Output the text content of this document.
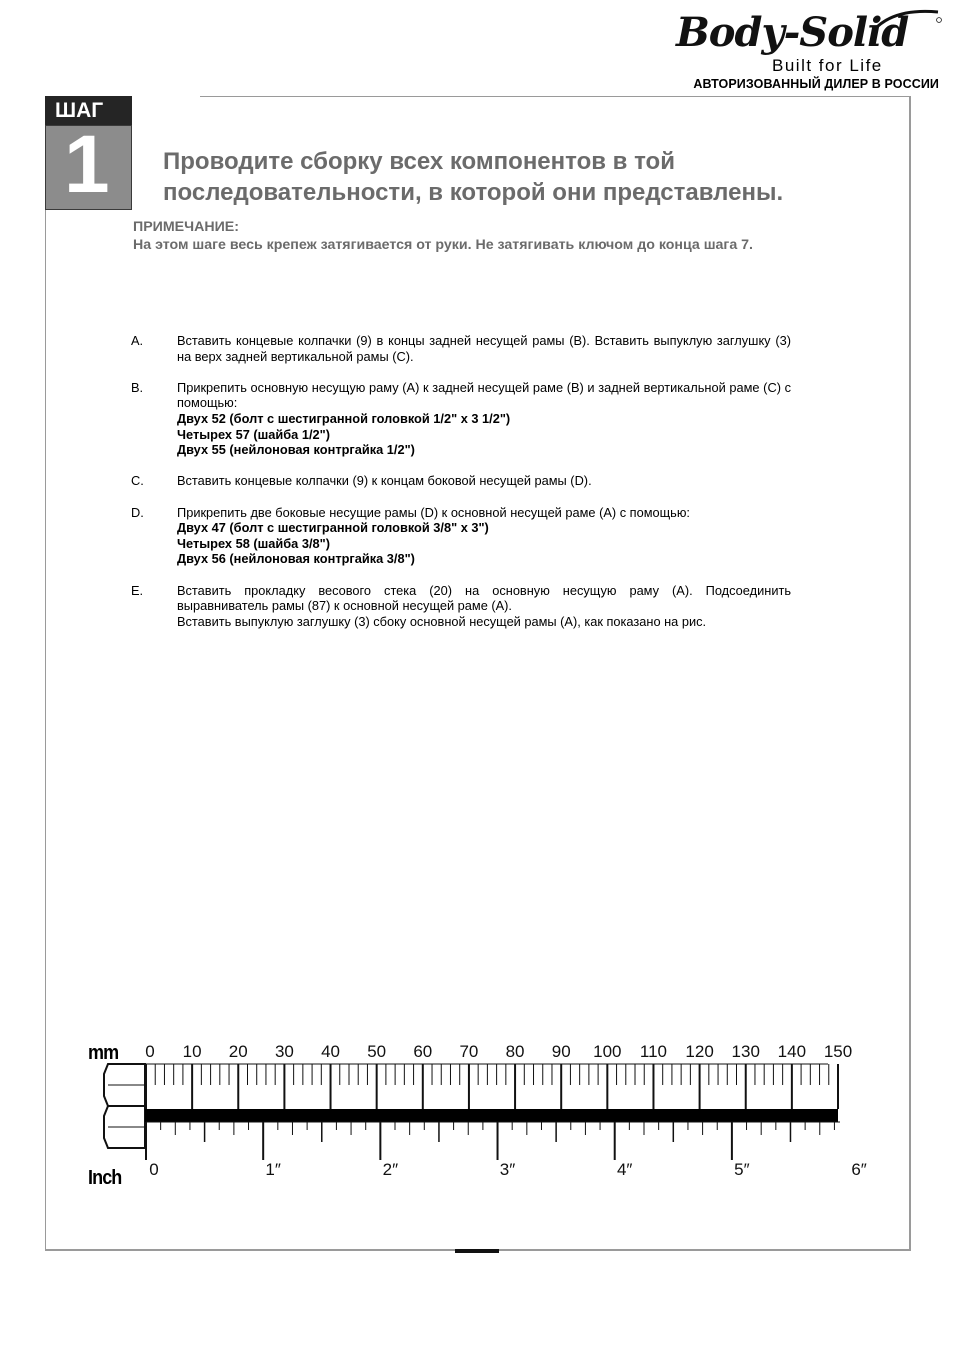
Body-Solid
Built for Life
АВТОРИЗОВАННЫЙ ДИЛЕР В РОССИИ
ШАГ
1 Проводите сборку всех компонентов в той
последовательности, в которой они представлены.
ПРИМЕЧАНИЕ:
На этом шаге весь крепеж затягивается от руки. Не затягивать ключом до конца шага 7.
A.	Вставить концевые колпачки (9) в концы задней несущей рамы (B). Вставить выпуклую заглушку (3) на верх задней вертикальной рамы (C).

B.	Прикрепить основную несущую раму (A) к задней несущей раме (B) и задней вертикальной раме (C) с помощью:

Двух 52 (болт с шестигранной головкой 1/2" x 3 1/2")

Четырех 57 (шайба 1/2")

Двух 55 (нейлоновая контргайка 1/2")

C.	Вставить концевые колпачки (9) к концам боковой несущей рамы (D).

D.	Прикрепить две боковые несущие рамы (D) к основной несущей раме (A) с помощью:

Двух 47 (болт с шестигранной головкой 3/8" x 3")

Четырех 58 (шайба 3/8")

Двух 56 (нейлоновая контргайка 3/8")

E.	Вставить прокладку весового стека (20) на основную несущую раму (A). Подсоединить выравниватель рамы (87) к основной несущей раме (A).

Вставить выпуклую заглушку (3) сбоку основной несущей рамы (A), как показано на рис.

mm
Inch
0 10 20 30 40 50 60 70 80 90 100 110 120 130 140 150
0	1″	2″	3″	4″	5″	6″
